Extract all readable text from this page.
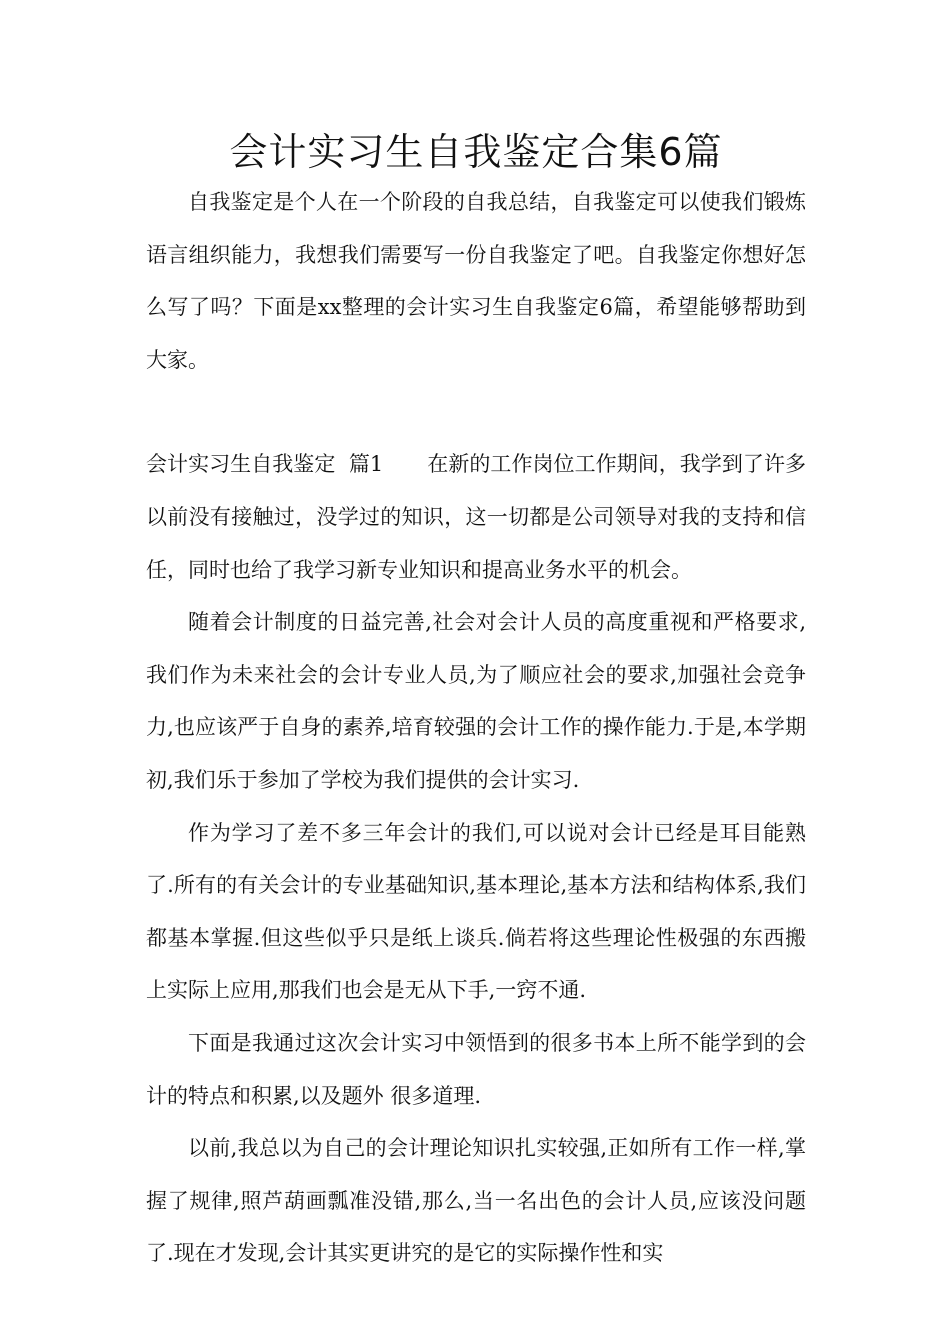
会计实习生自我鉴定合集6篇

自我鉴定是个人在一个阶段的自我总结，自我鉴定可以使我们锻炼语言组织能力，我想我们需要写一份自我鉴定了吧。自我鉴定你想好怎么写了吗？下面是xx整理的会计实习生自我鉴定6篇，希望能够帮助到大家。

会计实习生自我鉴定  篇1 在新的工作岗位工作期间，我学到了许多以前没有接触过，没学过的知识，这一切都是公司领导对我的支持和信任，同时也给了我学习新专业知识和提高业务水平的机会。

随着会计制度的日益完善,社会对会计人员的高度重视和严格要求,我们作为未来社会的会计专业人员,为了顺应社会的要求,加强社会竞争力,也应该严于自身的素养,培育较强的会计工作的操作能力.于是,本学期初,我们乐于参加了学校为我们提供的会计实习.

作为学习了差不多三年会计的我们,可以说对会计已经是耳目能熟了.所有的有关会计的专业基础知识,基本理论,基本方法和结构体系,我们都基本掌握.但这些似乎只是纸上谈兵.倘若将这些理论性极强的东西搬上实际上应用,那我们也会是无从下手,一窍不通.

下面是我通过这次会计实习中领悟到的很多书本上所不能学到的会计的特点和积累,以及题外 很多道理.

以前,我总以为自己的会计理论知识扎实较强,正如所有工作一样,掌握了规律,照芦葫画瓢准没错,那么,当一名出色的会计人员,应该没问题了.现在才发现,会计其实更讲究的是它的实际操作性和实
